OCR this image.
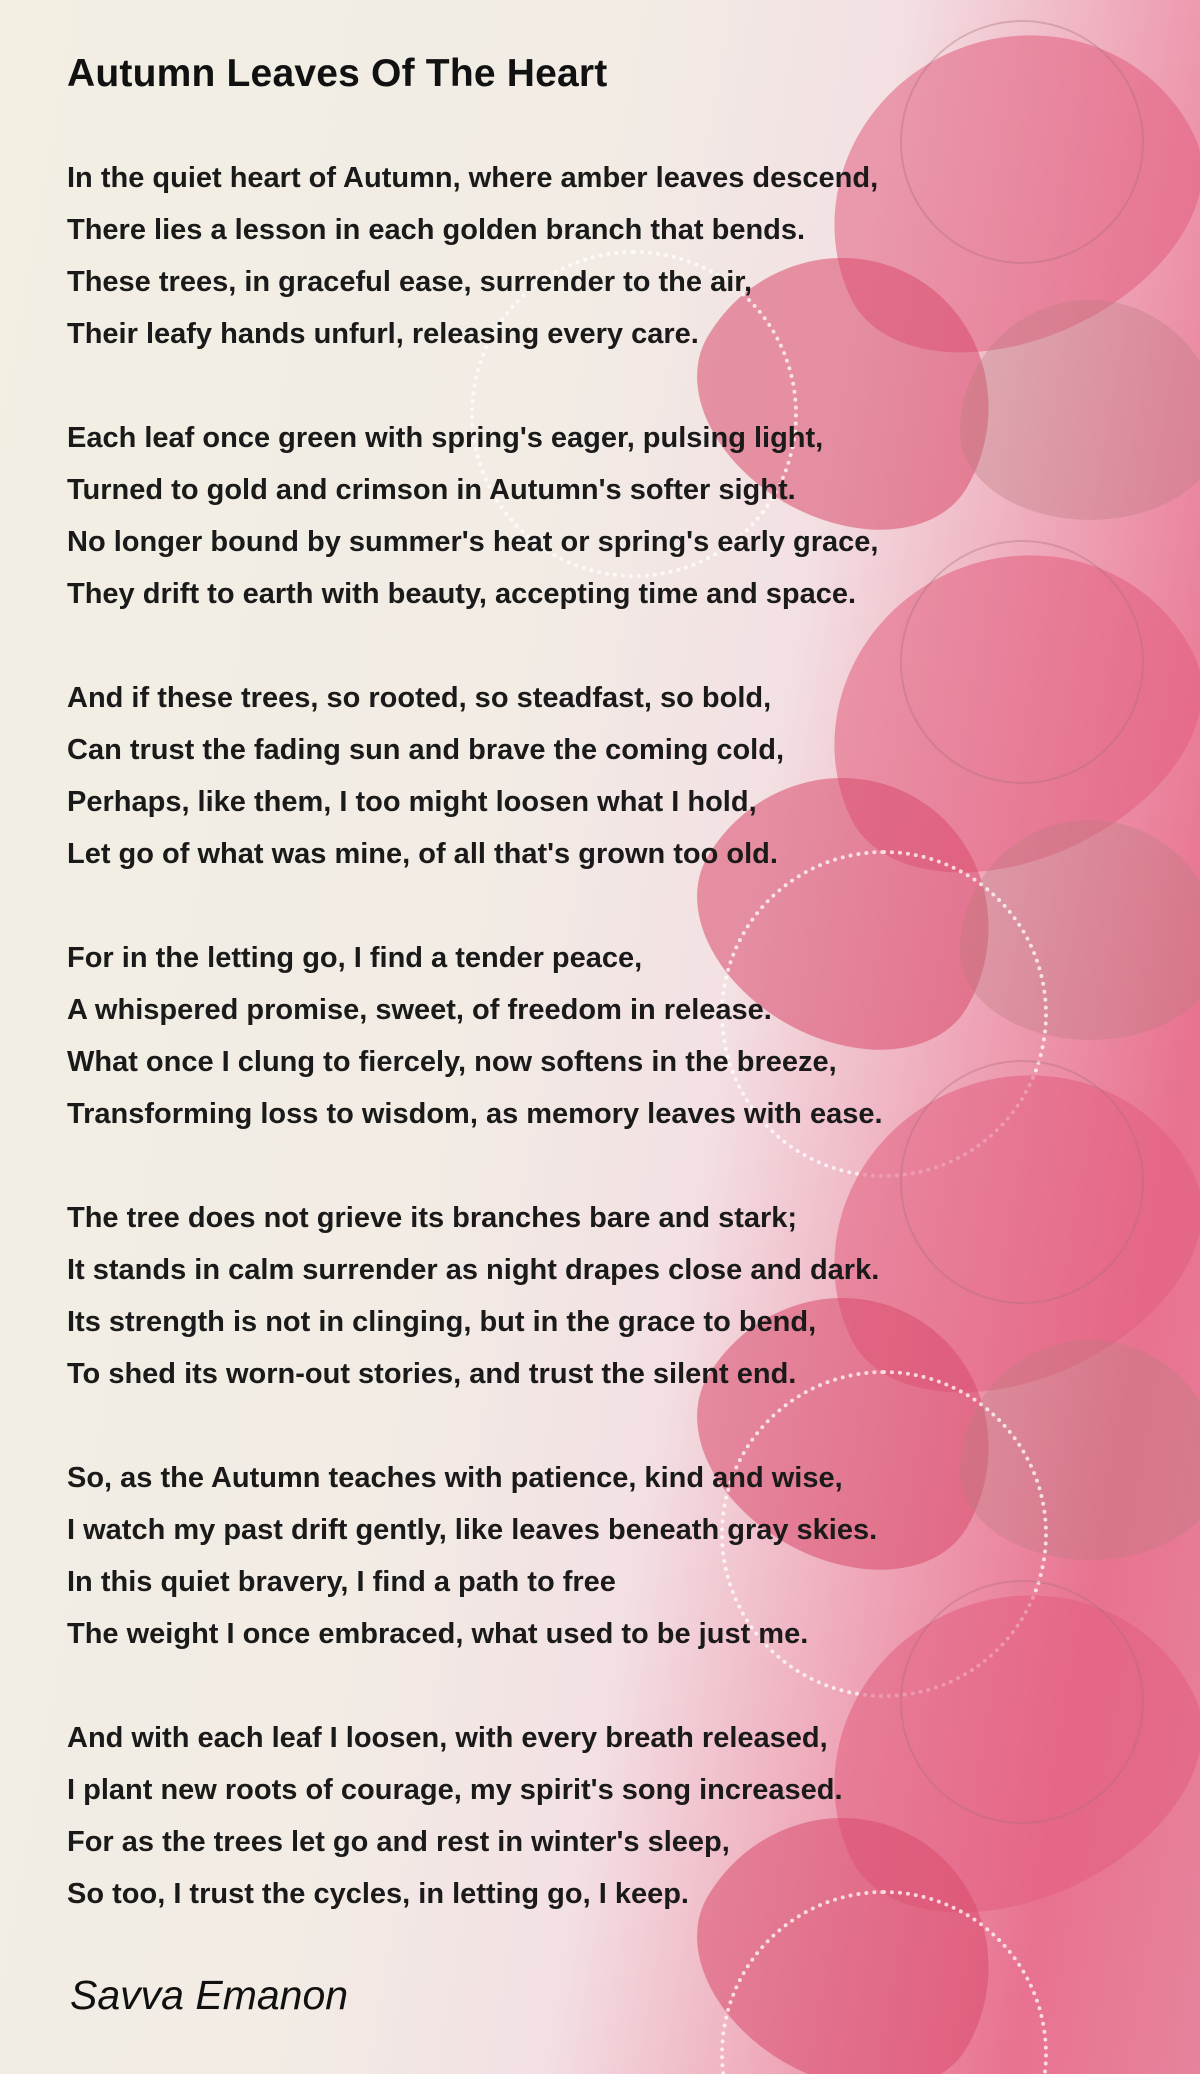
Autumn Leaves Of The Heart
In the quiet heart of Autumn, where amber leaves descend,
There lies a lesson in each golden branch that bends.
These trees, in graceful ease, surrender to the air,
Their leafy hands unfurl, releasing every care.
Each leaf once green with spring's eager, pulsing light,
Turned to gold and crimson in Autumn's softer sight.
No longer bound by summer's heat or spring's early grace,
They drift to earth with beauty, accepting time and space.
And if these trees, so rooted, so steadfast, so bold,
Can trust the fading sun and brave the coming cold,
Perhaps, like them, I too might loosen what I hold,
Let go of what was mine, of all that's grown too old.
For in the letting go, I find a tender peace,
A whispered promise, sweet, of freedom in release.
What once I clung to fiercely, now softens in the breeze,
Transforming loss to wisdom, as memory leaves with ease.
The tree does not grieve its branches bare and stark;
It stands in calm surrender as night drapes close and dark.
Its strength is not in clinging, but in the grace to bend,
To shed its worn-out stories, and trust the silent end.
So, as the Autumn teaches with patience, kind and wise,
I watch my past drift gently, like leaves beneath gray skies.
In this quiet bravery, I find a path to free
The weight I once embraced, what used to be just me.
And with each leaf I loosen, with every breath released,
I plant new roots of courage, my spirit's song increased.
For as the trees let go and rest in winter's sleep,
So too, I trust the cycles, in letting go, I keep.
Savva Emanon
